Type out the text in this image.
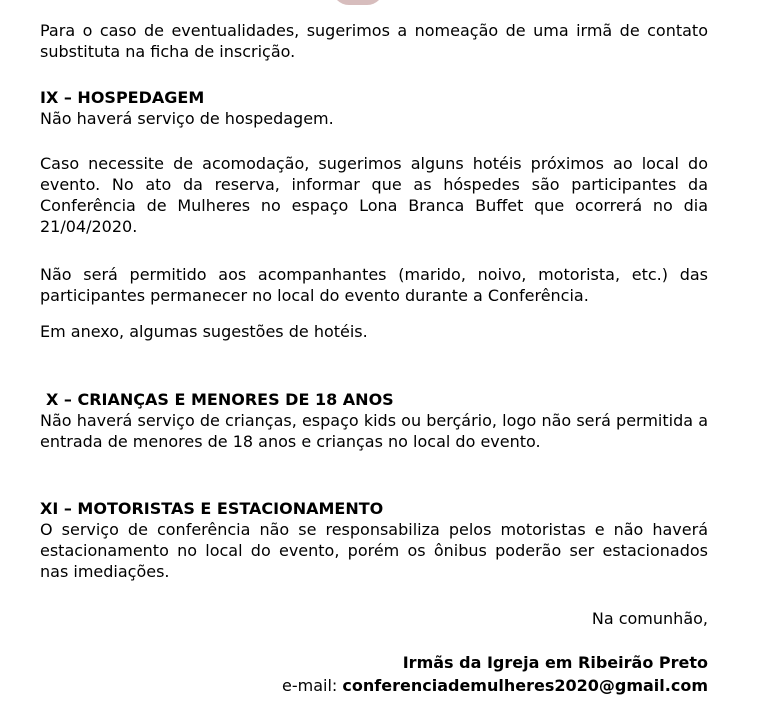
Para o caso de eventualidades, sugerimos a nomeação de uma irmã de contato substituta na ficha de inscrição.

IX – HOSPEDAGEM

Não haverá serviço de hospedagem.

Caso necessite de acomodação, sugerimos alguns hotéis próximos ao local do evento. No ato da reserva, informar que as hóspedes são participantes da Conferência de Mulheres no espaço Lona Branca Buffet que ocorrerá no dia 21/04/2020.

Não será permitido aos acompanhantes (marido, noivo, motorista, etc.) das participantes permanecer no local do evento durante a Conferência.

Em anexo, algumas sugestões de hotéis.

X – CRIANÇAS E MENORES DE 18 ANOS

Não haverá serviço de crianças, espaço kids ou berçário, logo não será permitida a entrada de menores de 18 anos e crianças no local do evento.

XI – MOTORISTAS E ESTACIONAMENTO

O serviço de conferência não se responsabiliza pelos motoristas e não haverá estacionamento no local do evento, porém os ônibus poderão ser estacionados nas imediações.

Na comunhão,

Irmãs da Igreja em Ribeirão Preto

e-mail: conferenciademulheres2020@gmail.com
